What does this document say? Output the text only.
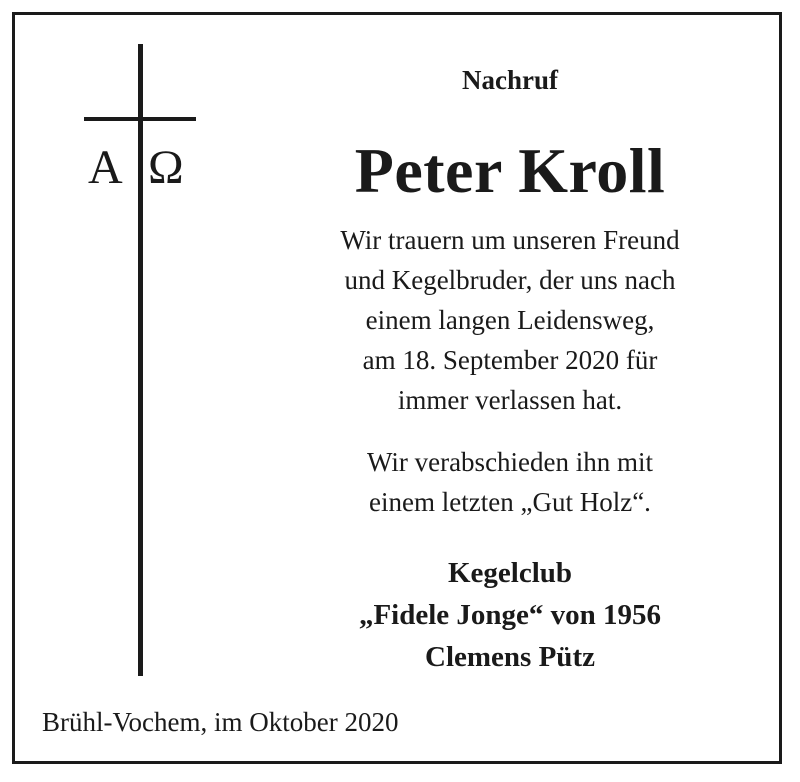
A Ω
Nachruf
Peter Kroll
Wir trauern um unseren Freund
und Kegelbruder, der uns nach
einem langen Leidensweg,
am 18. September 2020 für
immer verlassen hat.
Wir verabschieden ihn mit
einem letzten „Gut Holz“.
Kegelclub
„Fidele Jonge“ von 1956
Clemens Pütz
Brühl-Vochem, im Oktober 2020
